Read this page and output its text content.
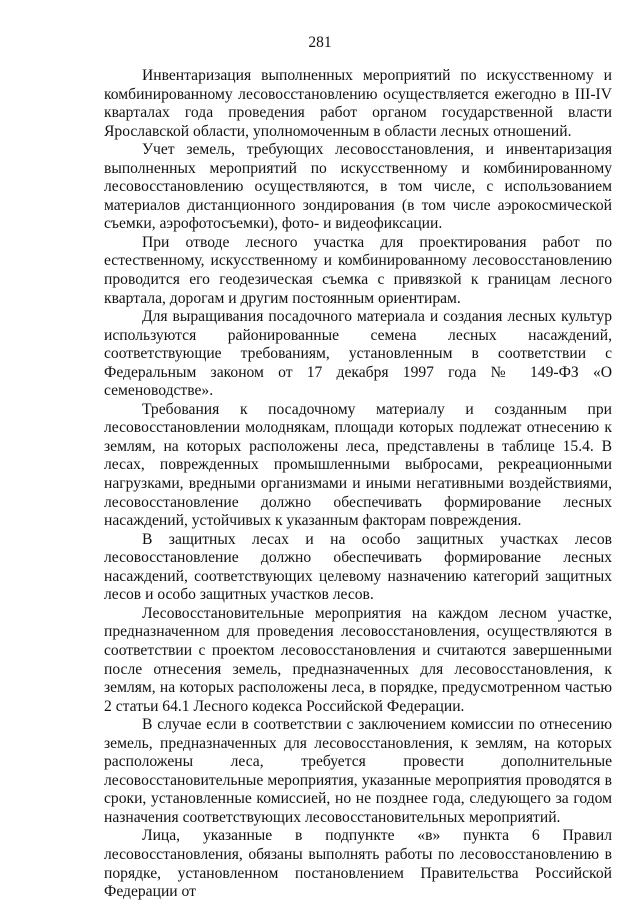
281

Инвентаризация выполненных мероприятий по искусственному и комбинированному лесовосстановлению осуществляется ежегодно в III-IV кварталах года проведения работ органом государственной власти Ярославской области, уполномоченным в области лесных отношений.

Учет земель, требующих лесовосстановления, и инвентаризация выполненных мероприятий по искусственному и комбинированному лесовосстановлению осуществляются, в том числе, с использованием материалов дистанционного зондирования (в том числе аэрокосмической съемки, аэрофотосъемки), фото- и видеофиксации.

При отводе лесного участка для проектирования работ по естественному, искусственному и комбинированному лесовосстановлению проводится его геодезическая съемка с привязкой к границам лесного квартала, дорогам и другим постоянным ориентирам.

Для выращивания посадочного материала и создания лесных культур используются районированные семена лесных насаждений, соответствующие требованиям, установленным в соответствии с Федеральным законом от 17 декабря 1997 года № 149-ФЗ «О семеноводстве».

Требования к посадочному материалу и созданным при лесовосстановлении молоднякам, площади которых подлежат отнесению к землям, на которых расположены леса, представлены в таблице 15.4. В лесах, поврежденных промышленными выбросами, рекреационными нагрузками, вредными организмами и иными негативными воздействиями, лесовосстановление должно обеспечивать формирование лесных насаждений, устойчивых к указанным факторам повреждения.

В защитных лесах и на особо защитных участках лесов лесовосстановление должно обеспечивать формирование лесных насаждений, соответствующих целевому назначению категорий защитных лесов и особо защитных участков лесов.

Лесовосстановительные мероприятия на каждом лесном участке, предназначенном для проведения лесовосстановления, осуществляются в соответствии с проектом лесовосстановления и считаются завершенными после отнесения земель, предназначенных для лесовосстановления, к землям, на которых расположены леса, в порядке, предусмотренном частью 2 статьи 64.1 Лесного кодекса Российской Федерации.

В случае если в соответствии с заключением комиссии по отнесению земель, предназначенных для лесовосстановления, к землям, на которых расположены леса, требуется провести дополнительные лесовосстановительные мероприятия, указанные мероприятия проводятся в сроки, установленные комиссией, но не позднее года, следующего за годом назначения соответствующих лесовосстановительных мероприятий.

Лица, указанные в подпункте «в» пункта 6 Правил лесовосстановления, обязаны выполнять работы по лесовосстановлению в порядке, установленном постановлением Правительства Российской Федерации от
